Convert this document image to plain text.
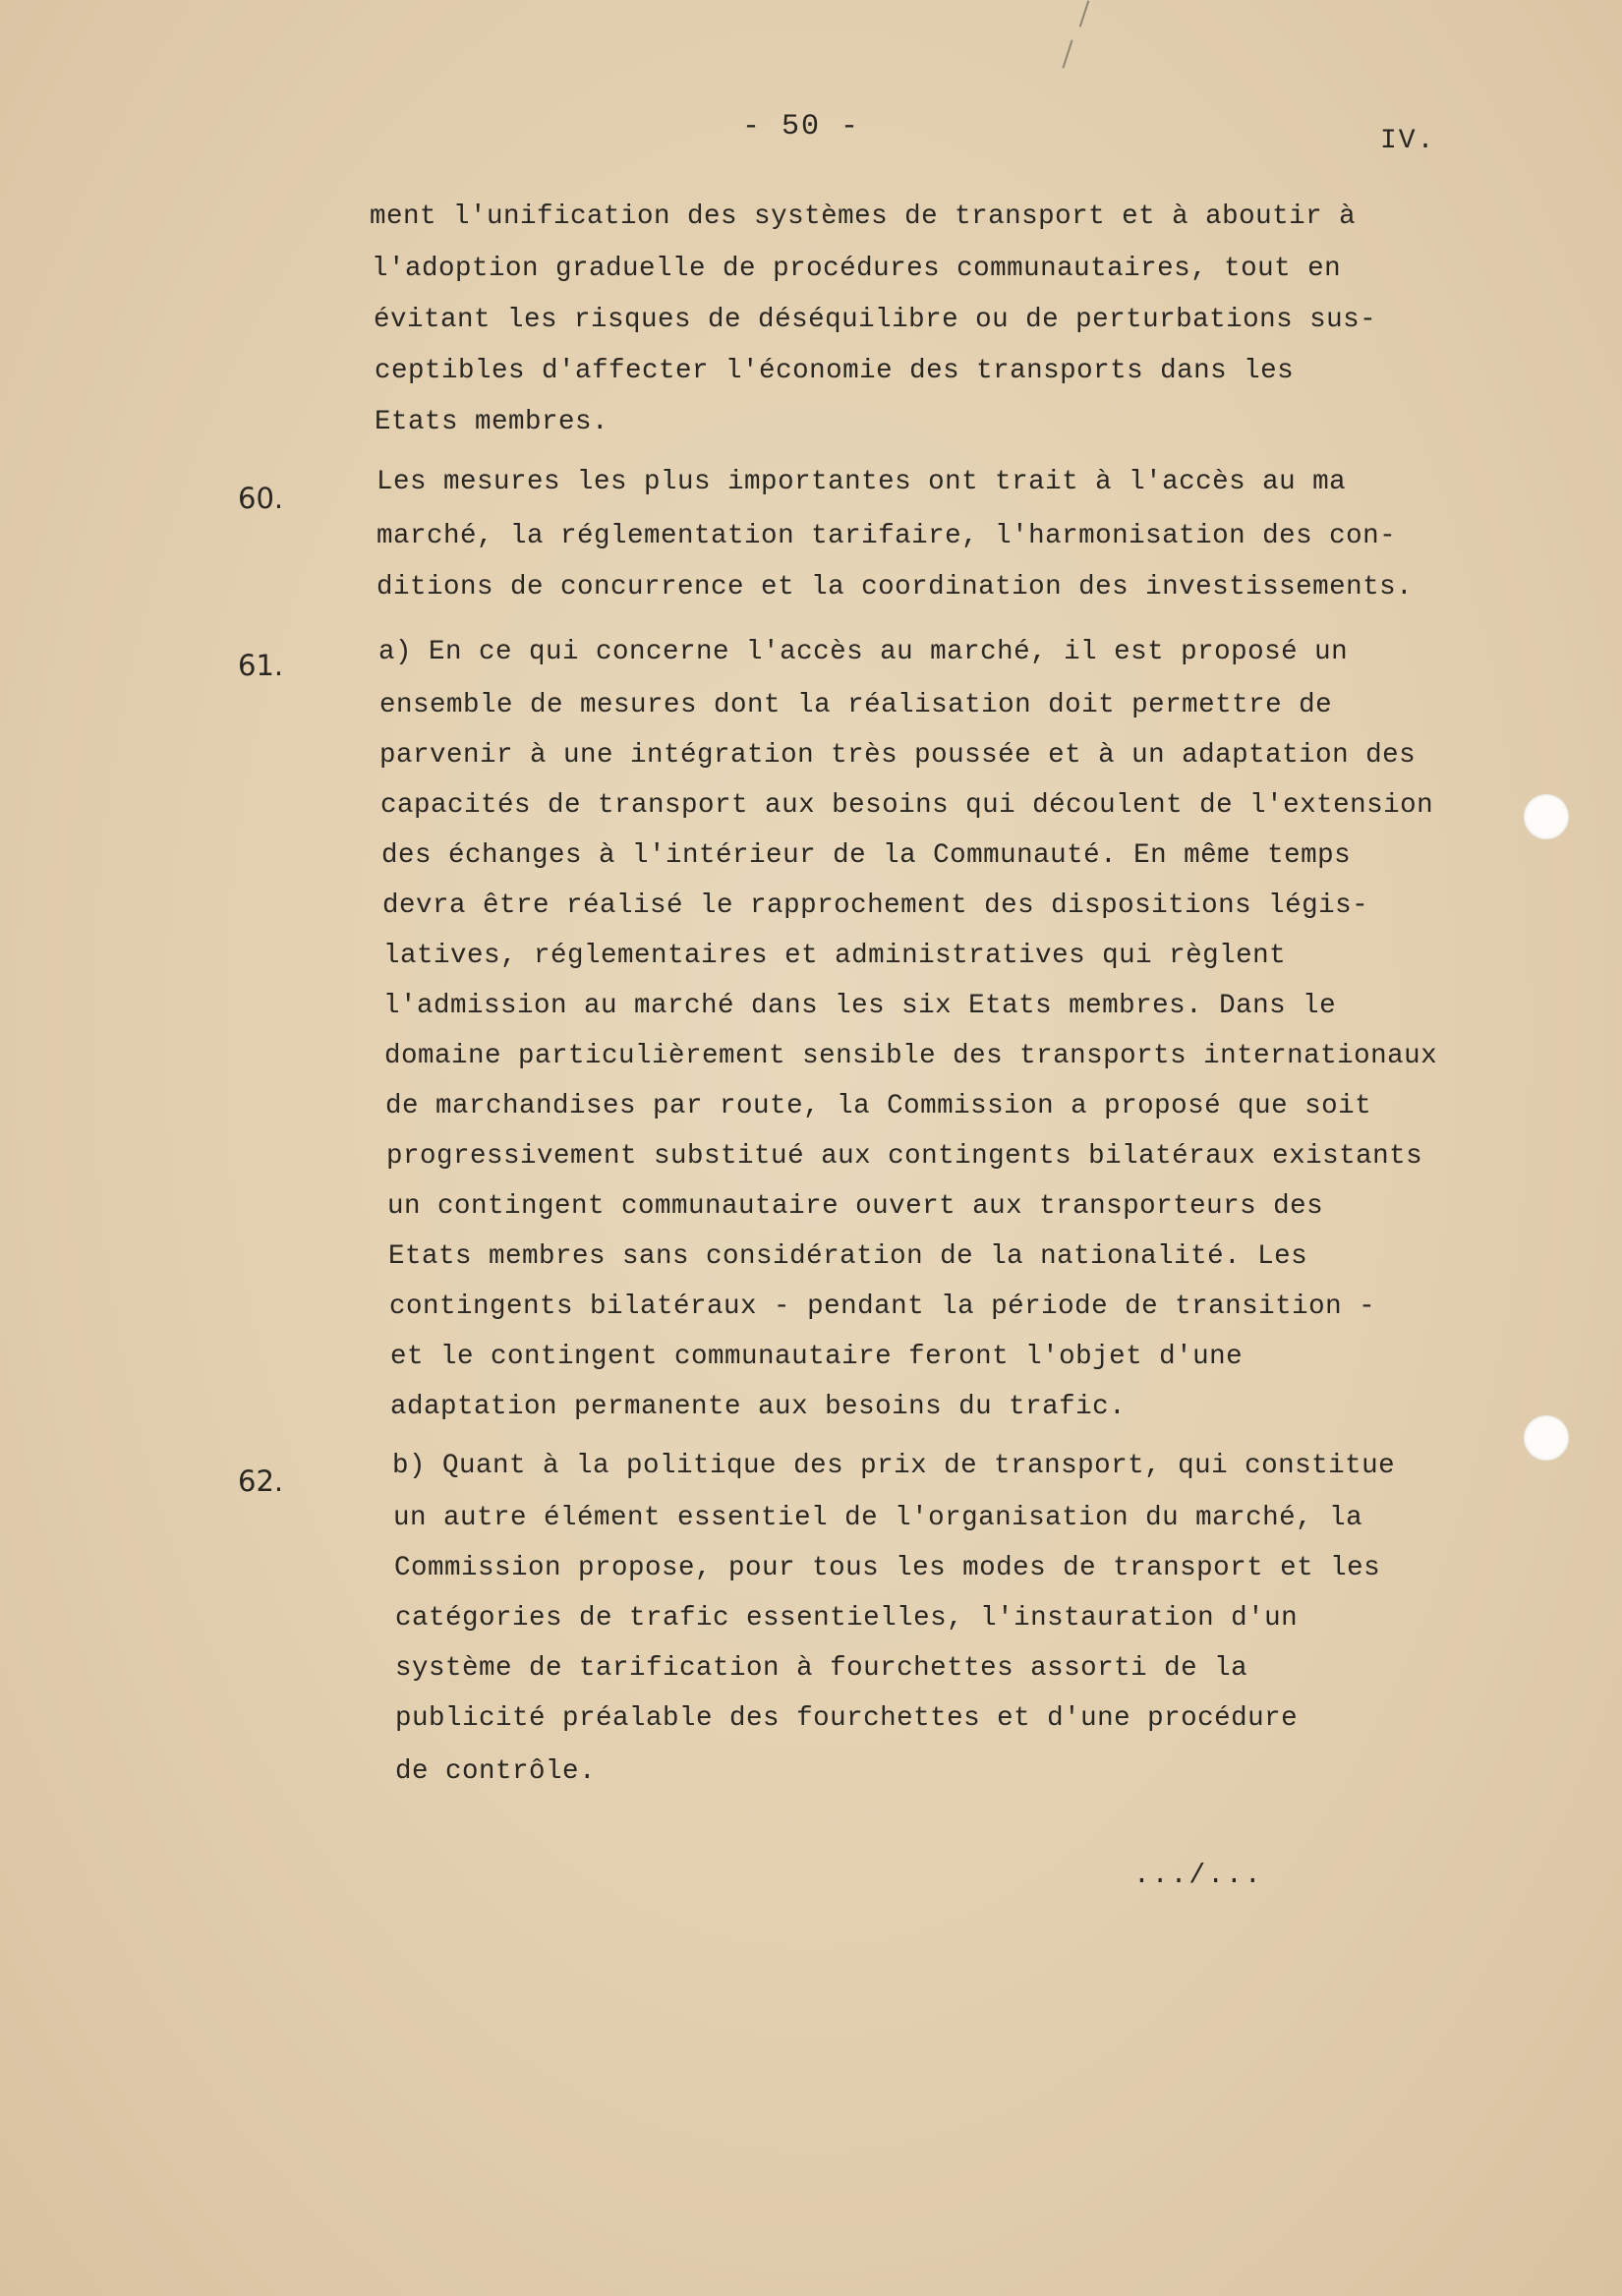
- 50 -	IV.
ment l'unification des systèmes de transport et à aboutir à
l'adoption graduelle de procédures communautaires, tout en
évitant les risques de déséquilibre ou de perturbations sus-
ceptibles d'affecter l'économie des transports dans les
Etats membres.
60.	Les mesures les plus importantes ont trait à l'accès au ma
marché, la réglementation tarifaire, l'harmonisation des con-
ditions de concurrence et la coordination des investissements.
61.	a) En ce qui concerne l'accès au marché, il est proposé un
ensemble de mesures dont la réalisation doit permettre de
parvenir à une intégration très poussée et à un adaptation des
capacités de transport aux besoins qui découlent de l'extension
des échanges à l'intérieur de la Communauté. En même temps
devra être réalisé le rapprochement des dispositions légis-
latives, réglementaires et administratives qui règlent
l'admission au marché dans les six Etats membres. Dans le
domaine particulièrement sensible des transports internationaux
de marchandises par route, la Commission a proposé que soit
progressivement substitué aux contingents bilatéraux existants
un contingent communautaire ouvert aux transporteurs des
Etats membres sans considération de la nationalité. Les
contingents bilatéraux - pendant la période de transition -
et le contingent communautaire feront l'objet d'une
adaptation permanente aux besoins du trafic.
62.	b) Quant à la politique des prix de transport, qui constitue
un autre élément essentiel de l'organisation du marché, la
Commission propose, pour tous les modes de transport et les
catégories de trafic essentielles, l'instauration d'un
système de tarification à fourchettes assorti de la
publicité préalable des fourchettes et d'une procédure
de contrôle.
.../...
